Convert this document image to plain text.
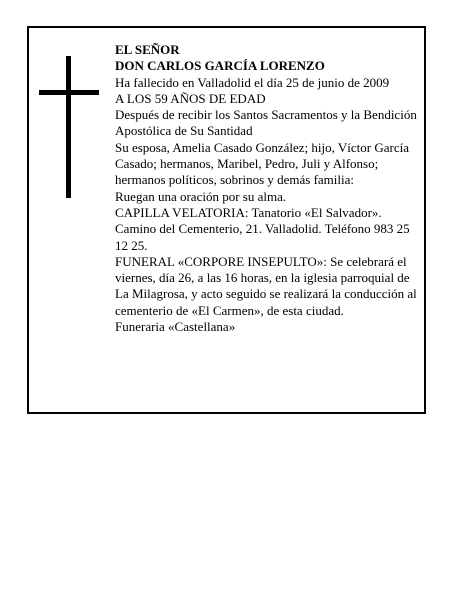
EL SEÑOR

DON CARLOS GARCÍA LORENZO

Ha fallecido en Valladolid el día 25 de junio de 2009

A LOS 59 AÑOS DE EDAD

Después de recibir los Santos Sacramentos y la Bendición Apostólica de Su Santidad

Su esposa, Amelia Casado González; hijo, Víctor García Casado; hermanos, Maribel, Pedro, Juli y Alfonso; hermanos políticos, sobrinos y demás familia:

Ruegan una oración por su alma.

CAPILLA VELATORIA: Tanatorio «El Salvador». Camino del Cementerio, 21. Valladolid. Teléfono 983 25 12 25.

FUNERAL «CORPORE INSEPULTO»: Se celebrará el viernes, día 26, a las 16 horas, en la iglesia parroquial de La Milagrosa, y acto seguido se realizará la conducción al cementerio de «El Carmen», de esta ciudad.

Funeraria «Castellana»
